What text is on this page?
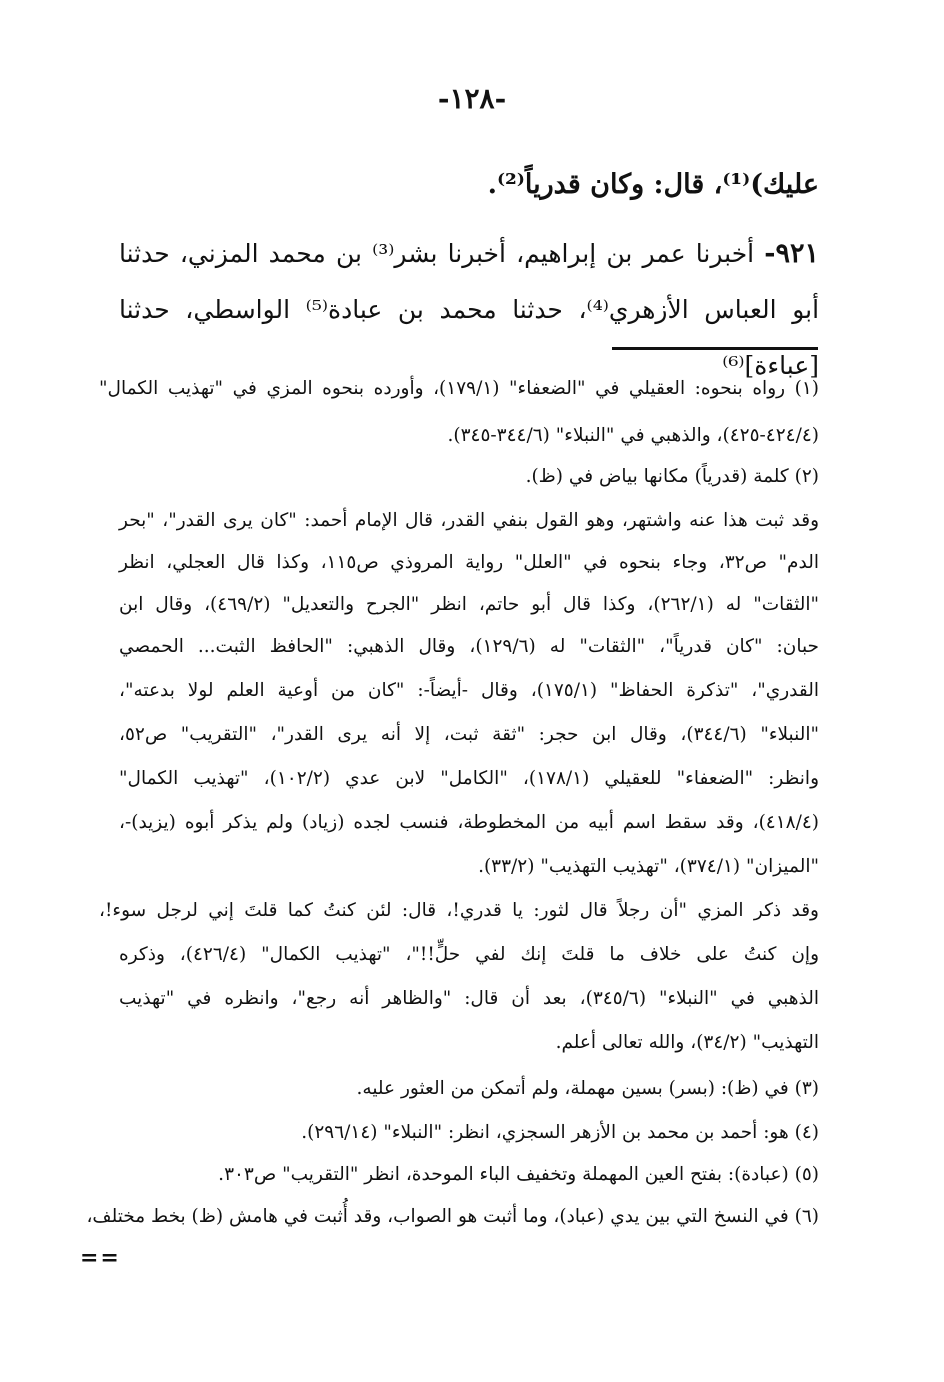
-١٢٨-
عليك)⁽¹⁾، قال: وكان قدرياً⁽²⁾.
٩٢١- أخبرنا عمر بن إبراهيم، أخبرنا بشر⁽³⁾ بن محمد المزني، حدثنا
أبو العباس الأزهري⁽⁴⁾، حدثنا محمد بن عبادة⁽⁵⁾ الواسطي، حدثنا [عباءة]⁽⁶⁾
(١) رواه بنحوه: العقيلي في "الضعفاء" (١٧٩/١)، وأورده بنحوه المزي في "تهذيب الكمال"
(٤٢٤/٤-٤٢٥)، والذهبي في "النبلاء" (٣٤٤/٦-٣٤٥).
(٢) كلمة (قدرياً) مكانها بياض في (ظ).
وقد ثبت هذا عنه واشتهر، وهو القول بنفي القدر، قال الإمام أحمد: "كان يرى القدر"، "بحر
الدم" ص٣٢، وجاء بنحوه في "العلل" رواية المروذي ص١١٥، وكذا قال العجلي، انظر
"الثقات" له (٢٦٢/١)، وكذا قال أبو حاتم، انظر "الجرح والتعديل" (٤٦٩/٢)، وقال ابن
حبان: "كان قدرياً"، "الثقات" له (١٢٩/٦)، وقال الذهبي: "الحافظ الثبت... الحمصي
القدري"، "تذكرة الحفاظ" (١٧٥/١)، وقال -أيضاً-: "كان من أوعية العلم لولا بدعته"،
"النبلاء" (٣٤٤/٦)، وقال ابن حجر: "ثقة ثبت، إلا أنه يرى القدر"، "التقريب" ص٥٢،
وانظر: "الضعفاء" للعقيلي (١٧٨/١)، "الكامل" لابن عدي (١٠٢/٢)، "تهذيب الكمال"
(٤١٨/٤)، وقد سقط اسم أبيه من المخطوطة، فنسب لجده (زياد) ولم يذكر أبوه (يزيد)-،
"الميزان" (٣٧٤/١)، "تهذيب التهذيب" (٣٣/٢).
وقد ذكر المزي "أن رجلاً قال لثور: يا قدري!، قال: لئن كنتُ كما قلتَ إني لرجل سوء!،
وإن كنتُ على خلاف ما قلتَ إنك لفي حلٍّ!!"، "تهذيب الكمال" (٤٢٦/٤)، وذكره
الذهبي في "النبلاء" (٣٤٥/٦)، بعد أن قال: "والظاهر أنه رجع"، وانظره في "تهذيب
التهذيب" (٣٤/٢)، والله تعالى أعلم.
(٣) في (ظ): (بسر) بسين مهملة، ولم أتمكن من العثور عليه.
(٤) هو: أحمد بن محمد بن الأزهر السجزي، انظر: "النبلاء" (٢٩٦/١٤).
(٥) (عبادة): بفتح العين المهملة وتخفيف الباء الموحدة، انظر "التقريب" ص٣٠٣.
(٦) في النسخ التي بين يدي (عباد)، وما أثبت هو الصواب، وقد أُثبت في هامش (ظ) بخط مختلف،
==
